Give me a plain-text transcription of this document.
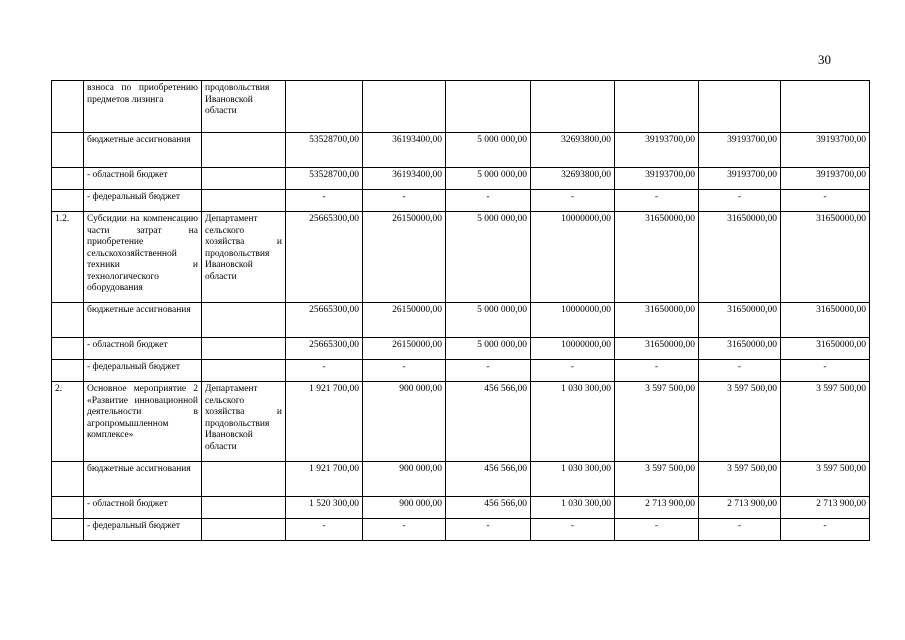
30
	взноса по приобретению предметов лизинга	продовольствия Ивановской области							
	бюджетные ассигнования		53528700,00	36193400,00	5 000 000,00	32693800,00	39193700,00	39193700,00	39193700,00
	- областной бюджет		53528700,00	36193400,00	5 000 000,00	32693800,00	39193700,00	39193700,00	39193700,00
	- федеральный бюджет		-	-	-	-	-	-	-
1.2.	Субсидии на компенсацию части затрат на приобретение сельскохозяйственной техники и технологического оборудования	Департамент сельского хозяйства и продовольствия Ивановской области	25665300,00	26150000,00	5 000 000,00	10000000,00	31650000,00	31650000,00	31650000,00
	бюджетные ассигнования		25665300,00	26150000,00	5 000 000,00	10000000,00	31650000,00	31650000,00	31650000,00
	- областной бюджет		25665300,00	26150000,00	5 000 000,00	10000000,00	31650000,00	31650000,00	31650000,00
	- федеральный бюджет		-	-	-	-	-	-	-
2.	Основное мероприятие 2 «Развитие инновационной деятельности в агропромышленном комплексе»	Департамент сельского хозяйства и продовольствия Ивановской области	1 921 700,00	900 000,00	456 566,00	1 030 300,00	3 597 500,00	3 597 500,00	3 597 500,00
	бюджетные ассигнования		1 921 700,00	900 000,00	456 566,00	1 030 300,00	3 597 500,00	3 597 500,00	3 597 500,00
	- областной бюджет		1 520 300,00	900 000,00	456 566,00	1 030 300,00	2 713 900,00	2 713 900,00	2 713 900,00
	- федеральный бюджет		-	-	-	-	-	-	-
